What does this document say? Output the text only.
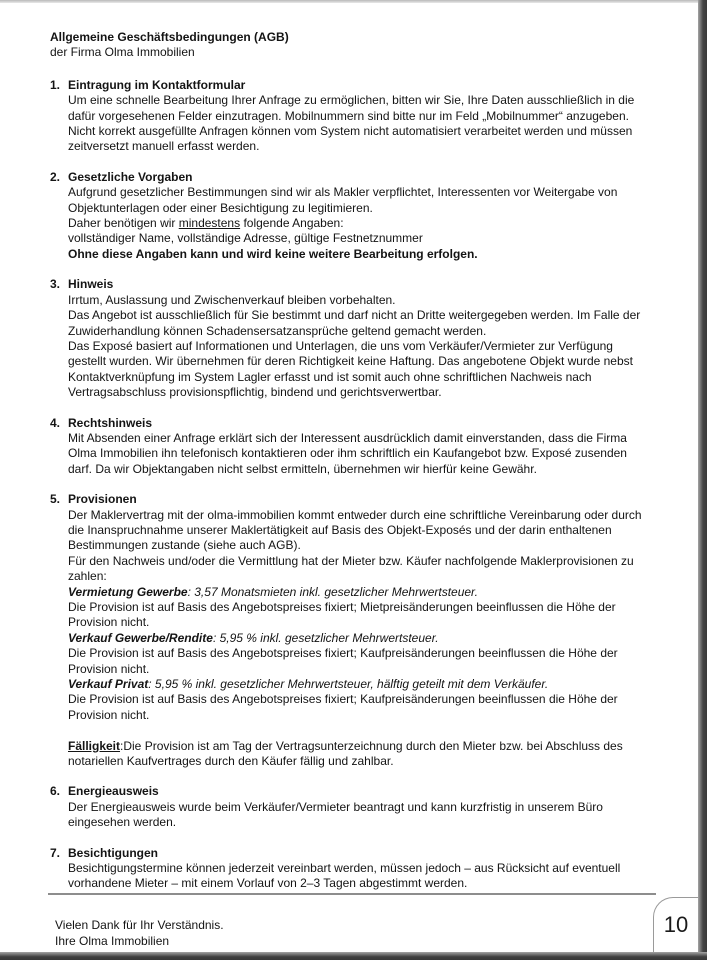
Allgemeine Geschäftsbedingungen (AGB)
der Firma Olma Immobilien
1. Eintragung im Kontaktformular
Um eine schnelle Bearbeitung Ihrer Anfrage zu ermöglichen, bitten wir Sie, Ihre Daten ausschließlich in die dafür vorgesehenen Felder einzutragen. Mobilnummern sind bitte nur im Feld „Mobilnummer“ anzugeben. Nicht korrekt ausgefüllte Anfragen können vom System nicht automatisiert verarbeitet werden und müssen zeitversetzt manuell erfasst werden.
2. Gesetzliche Vorgaben
Aufgrund gesetzlicher Bestimmungen sind wir als Makler verpflichtet, Interessenten vor Weitergabe von Objektunterlagen oder einer Besichtigung zu legitimieren.
Daher benötigen wir mindestens folgende Angaben:
vollständiger Name, vollständige Adresse, gültige Festnetznummer
Ohne diese Angaben kann und wird keine weitere Bearbeitung erfolgen.
3. Hinweis
Irrtum, Auslassung und Zwischenverkauf bleiben vorbehalten.
Das Angebot ist ausschließlich für Sie bestimmt und darf nicht an Dritte weitergegeben werden. Im Falle der Zuwiderhandlung können Schadensersatzansprüche geltend gemacht werden.
Das Exposé basiert auf Informationen und Unterlagen, die uns vom Verkäufer/Vermieter zur Verfügung gestellt wurden. Wir übernehmen für deren Richtigkeit keine Haftung. Das angebotene Objekt wurde nebst Kontaktverknüpfung im System Lagler erfasst und ist somit auch ohne schriftlichen Nachweis nach Vertragsabschluss provisionspflichtig, bindend und gerichtsverwertbar.
4. Rechtshinweis
Mit Absenden einer Anfrage erklärt sich der Interessent ausdrücklich damit einverstanden, dass die Firma Olma Immobilien ihn telefonisch kontaktieren oder ihm schriftlich ein Kaufangebot bzw. Exposé zusenden darf. Da wir Objektangaben nicht selbst ermitteln, übernehmen wir hierfür keine Gewähr.
5. Provisionen
Der Maklervertrag mit der olma-immobilien kommt entweder durch eine schriftliche Vereinbarung oder durch die Inanspruchnahme unserer Maklertätigkeit auf Basis des Objekt-Exposés und der darin enthaltenen Bestimmungen zustande (siehe auch AGB).
Für den Nachweis und/oder die Vermittlung hat der Mieter bzw. Käufer nachfolgende Maklerprovisionen zu zahlen:
Vermietung Gewerbe: 3,57 Monatsmieten inkl. gesetzlicher Mehrwertsteuer.
Die Provision ist auf Basis des Angebotspreises fixiert; Mietpreisänderungen beeinflussen die Höhe der Provision nicht.
Verkauf Gewerbe/Rendite: 5,95 % inkl. gesetzlicher Mehrwertsteuer.
Die Provision ist auf Basis des Angebotspreises fixiert; Kaufpreisänderungen beeinflussen die Höhe der Provision nicht.
Verkauf Privat: 5,95 % inkl. gesetzlicher Mehrwertsteuer, hälftig geteilt mit dem Verkäufer.
Die Provision ist auf Basis des Angebotspreises fixiert; Kaufpreisänderungen beeinflussen die Höhe der Provision nicht.
Fälligkeit:Die Provision ist am Tag der Vertragsunterzeichnung durch den Mieter bzw. bei Abschluss des notariellen Kaufvertrages durch den Käufer fällig und zahlbar.
6. Energieausweis
Der Energieausweis wurde beim Verkäufer/Vermieter beantragt und kann kurzfristig in unserem Büro eingesehen werden.
7. Besichtigungen
Besichtigungstermine können jederzeit vereinbart werden, müssen jedoch – aus Rücksicht auf eventuell vorhandene Mieter – mit einem Vorlauf von 2–3 Tagen abgestimmt werden.
Vielen Dank für Ihr Verständnis.
Ihre Olma Immobilien
10
